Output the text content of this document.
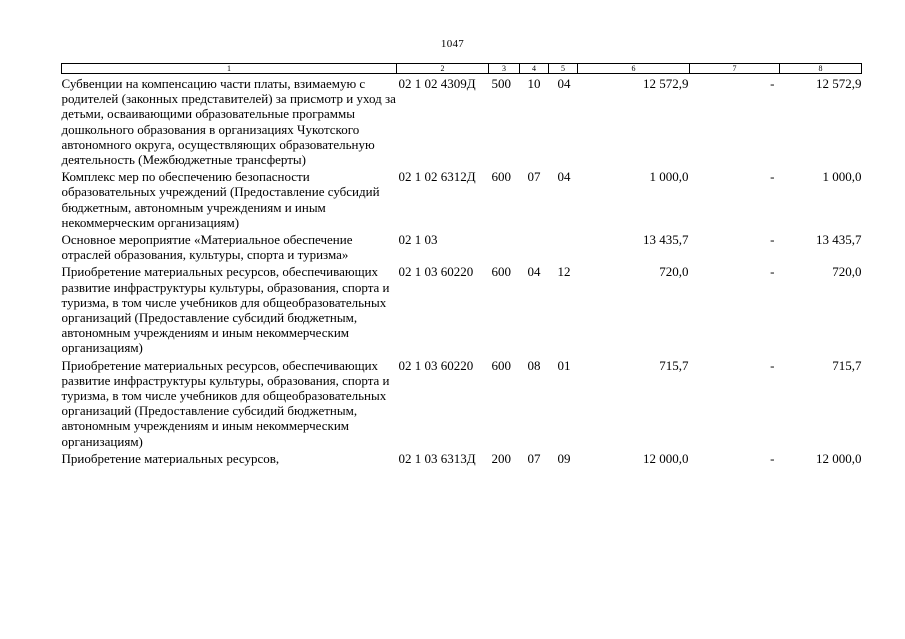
1047
1	2	3	4	5	6	7	8
Субвенции на компенсацию части платы, взимаемую с родителей (законных представителей) за присмотр и уход за детьми, осваивающими образовательные программы дошкольного образования в организациях Чукотского автономного округа, осуществляющих образовательную деятельность (Межбюджетные трансферты)	02 1 02 4309Д	500	10	04	12 572,9	-	12 572,9
Комплекс мер по обеспечению безопасности образовательных учреждений (Предоставление субсидий бюджетным, автономным учреждениям и иным некоммерческим организациям)	02 1 02 6312Д	600	07	04	1 000,0	-	1 000,0
Основное мероприятие «Материальное обеспечение отраслей образования, культуры, спорта и туризма»	02 1 03				13 435,7	-	13 435,7
Приобретение материальных ресурсов, обеспечивающих развитие инфраструктуры культуры, образования, спорта и туризма, в том числе учебников для общеобразовательных организаций (Предоставление субсидий бюджетным, автономным учреждениям и иным некоммерческим организациям)	02 1 03 60220	600	04	12	720,0	-	720,0
Приобретение материальных ресурсов, обеспечивающих развитие инфраструктуры культуры, образования, спорта и туризма, в том числе учебников для общеобразовательных организаций (Предоставление субсидий бюджетным, автономным учреждениям и иным некоммерческим организациям)	02 1 03 60220	600	08	01	715,7	-	715,7
Приобретение материальных ресурсов,	02 1 03 6313Д	200	07	09	12 000,0	-	12 000,0
